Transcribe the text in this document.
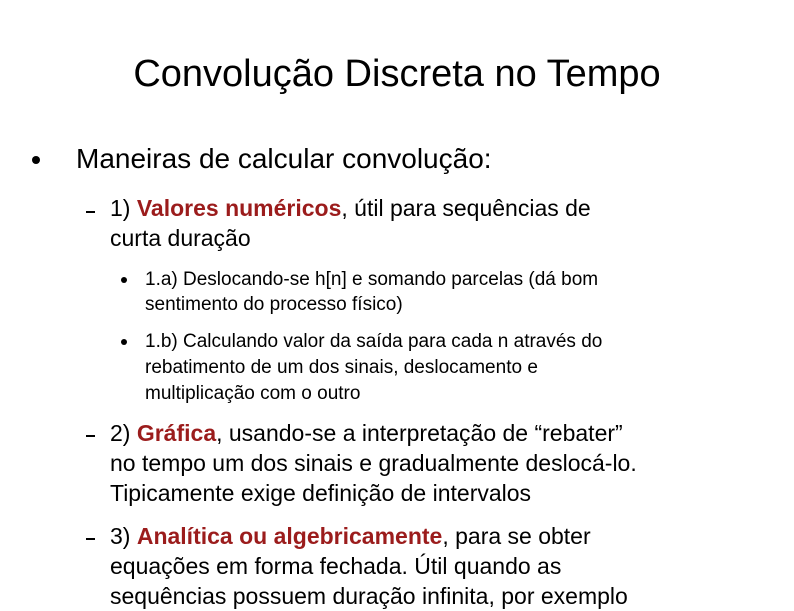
Convolução Discreta no Tempo
Maneiras de calcular convolução:
1) Valores numéricos, útil para sequências de
curta duração
1.a) Deslocando-se h[n] e somando parcelas (dá bom
sentimento do processo físico)
1.b) Calculando valor da saída para cada n através do
rebatimento de um dos sinais, deslocamento e
multiplicação com o outro
2) Gráfica, usando-se a interpretação de “rebater”
no tempo um dos sinais e gradualmente deslocá-lo.
Tipicamente exige definição de intervalos
3) Analítica ou algebricamente, para se obter
equações em forma fechada. Útil quando as
sequências possuem duração infinita, por exemplo
